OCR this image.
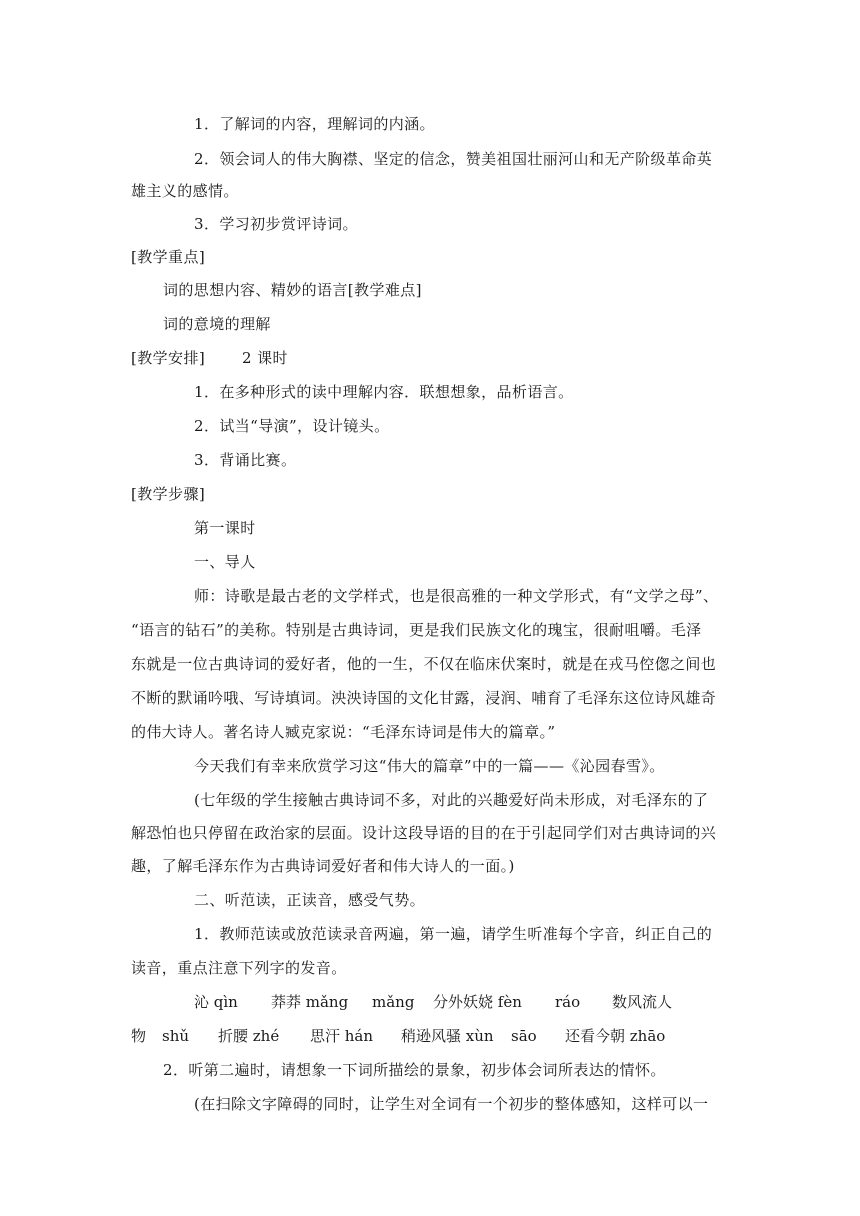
1．了解词的内容，理解词的内涵。
2．领会词人的伟大胸襟、坚定的信念，赞美祖国壮丽河山和无产阶级革命英
雄主义的感情。
3．学习初步赏评诗词。
[教学重点]
词的思想内容、精妙的语言[教学难点]
词的意境的理解
[教学安排] 2 课时
1．在多种形式的读中理解内容．联想想象，品析语言。
2．试当“导演”，设计镜头。
3．背诵比赛。
[教学步骤]
第一课时
一、导人
师：诗歌是最古老的文学样式，也是很高雅的一种文学形式，有“文学之母”、
“语言的钻石”的美称。特别是古典诗词，更是我们民族文化的瑰宝，很耐咀嚼。毛泽
东就是一位古典诗词的爱好者，他的一生，不仅在临床伏案时，就是在戎马倥偬之间也
不断的默诵吟哦、写诗填词。泱泱诗国的文化甘露，浸润、哺育了毛泽东这位诗风雄奇
的伟大诗人。著名诗人臧克家说：“毛泽东诗词是伟大的篇章。”
今天我们有幸来欣赏学习这“伟大的篇章”中的一篇——《沁园春雪》。
(七年级的学生接触古典诗词不多，对此的兴趣爱好尚未形成，对毛泽东的了
解恐怕也只停留在政治家的层面。设计这段导语的目的在于引起同学们对古典诗词的兴
趣，了解毛泽东作为古典诗词爱好者和伟大诗人的一面。)
二、听范读，正读音，感受气势。
1．教师范读或放范读录音两遍，第一遍，请学生听准每个字音，纠正自己的
读音，重点注意下列字的发音。
沁 qìn 莽莽 mǎng mǎng 分外妖娆 fèn ráo 数风流人
物 shǔ 折腰 zhé 思汗 hán 稍逊风骚 xùn sāo 还看今朝 zhāo
2．听第二遍时，请想象一下词所描绘的景象，初步体会词所表达的情怀。
(在扫除文字障碍的同时，让学生对全词有一个初步的整体感知，这样可以一
